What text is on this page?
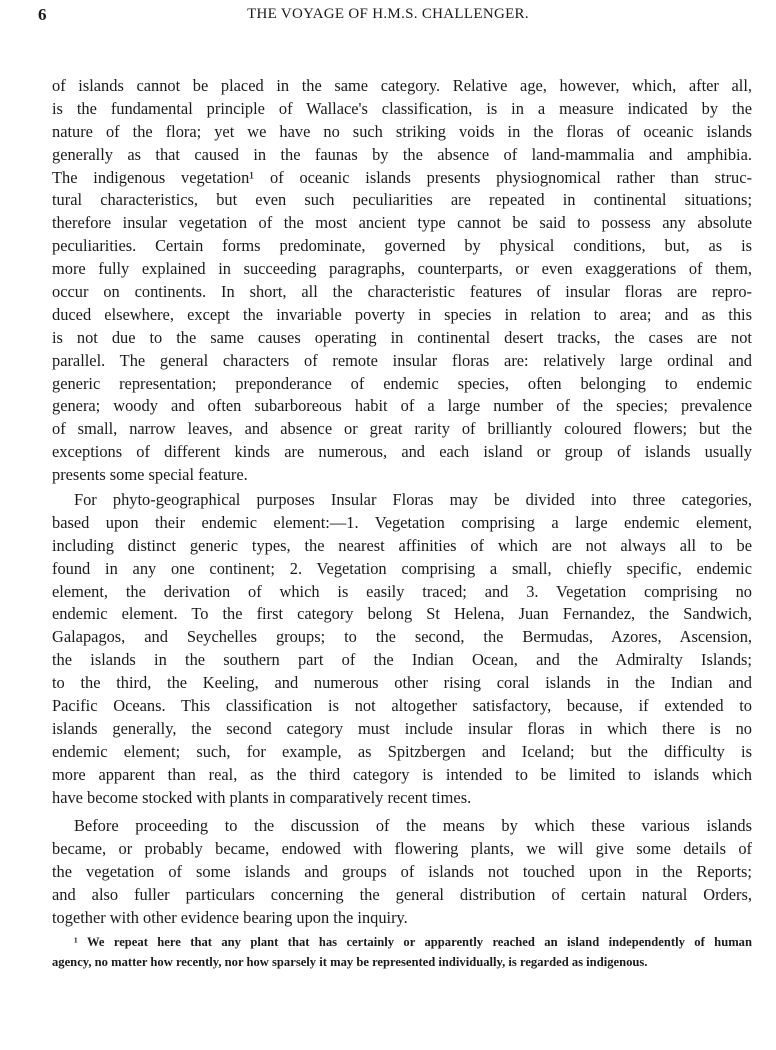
6	THE VOYAGE OF H.M.S. CHALLENGER.
of islands cannot be placed in the same category. Relative age, however, which, after all,
is the fundamental principle of Wallace's classification, is in a measure indicated by the
nature of the flora; yet we have no such striking voids in the floras of oceanic islands
generally as that caused in the faunas by the absence of land-mammalia and amphibia.
The indigenous vegetation¹ of oceanic islands presents physiognomical rather than struc-
tural characteristics, but even such peculiarities are repeated in continental situations;
therefore insular vegetation of the most ancient type cannot be said to possess any absolute
peculiarities. Certain forms predominate, governed by physical conditions, but, as is
more fully explained in succeeding paragraphs, counterparts, or even exaggerations of them,
occur on continents. In short, all the characteristic features of insular floras are repro-
duced elsewhere, except the invariable poverty in species in relation to area; and as this
is not due to the same causes operating in continental desert tracks, the cases are not
parallel. The general characters of remote insular floras are: relatively large ordinal and
generic representation; preponderance of endemic species, often belonging to endemic
genera; woody and often subarboreous habit of a large number of the species; prevalence
of small, narrow leaves, and absence or great rarity of brilliantly coloured flowers; but the
exceptions of different kinds are numerous, and each island or group of islands usually
presents some special feature.
For phyto-geographical purposes Insular Floras may be divided into three categories,
based upon their endemic element:—1. Vegetation comprising a large endemic element,
including distinct generic types, the nearest affinities of which are not always all to be
found in any one continent; 2. Vegetation comprising a small, chiefly specific, endemic
element, the derivation of which is easily traced; and 3. Vegetation comprising no
endemic element. To the first category belong St Helena, Juan Fernandez, the Sandwich,
Galapagos, and Seychelles groups; to the second, the Bermudas, Azores, Ascension,
the islands in the southern part of the Indian Ocean, and the Admiralty Islands;
to the third, the Keeling, and numerous other rising coral islands in the Indian and
Pacific Oceans. This classification is not altogether satisfactory, because, if extended to
islands generally, the second category must include insular floras in which there is no
endemic element; such, for example, as Spitzbergen and Iceland; but the difficulty is
more apparent than real, as the third category is intended to be limited to islands which
have become stocked with plants in comparatively recent times.
Before proceeding to the discussion of the means by which these various islands
became, or probably became, endowed with flowering plants, we will give some details of
the vegetation of some islands and groups of islands not touched upon in the Reports;
and also fuller particulars concerning the general distribution of certain natural Orders,
together with other evidence bearing upon the inquiry.
¹ We repeat here that any plant that has certainly or apparently reached an island independently of human
agency, no matter how recently, nor how sparsely it may be represented individually, is regarded as indigenous.
